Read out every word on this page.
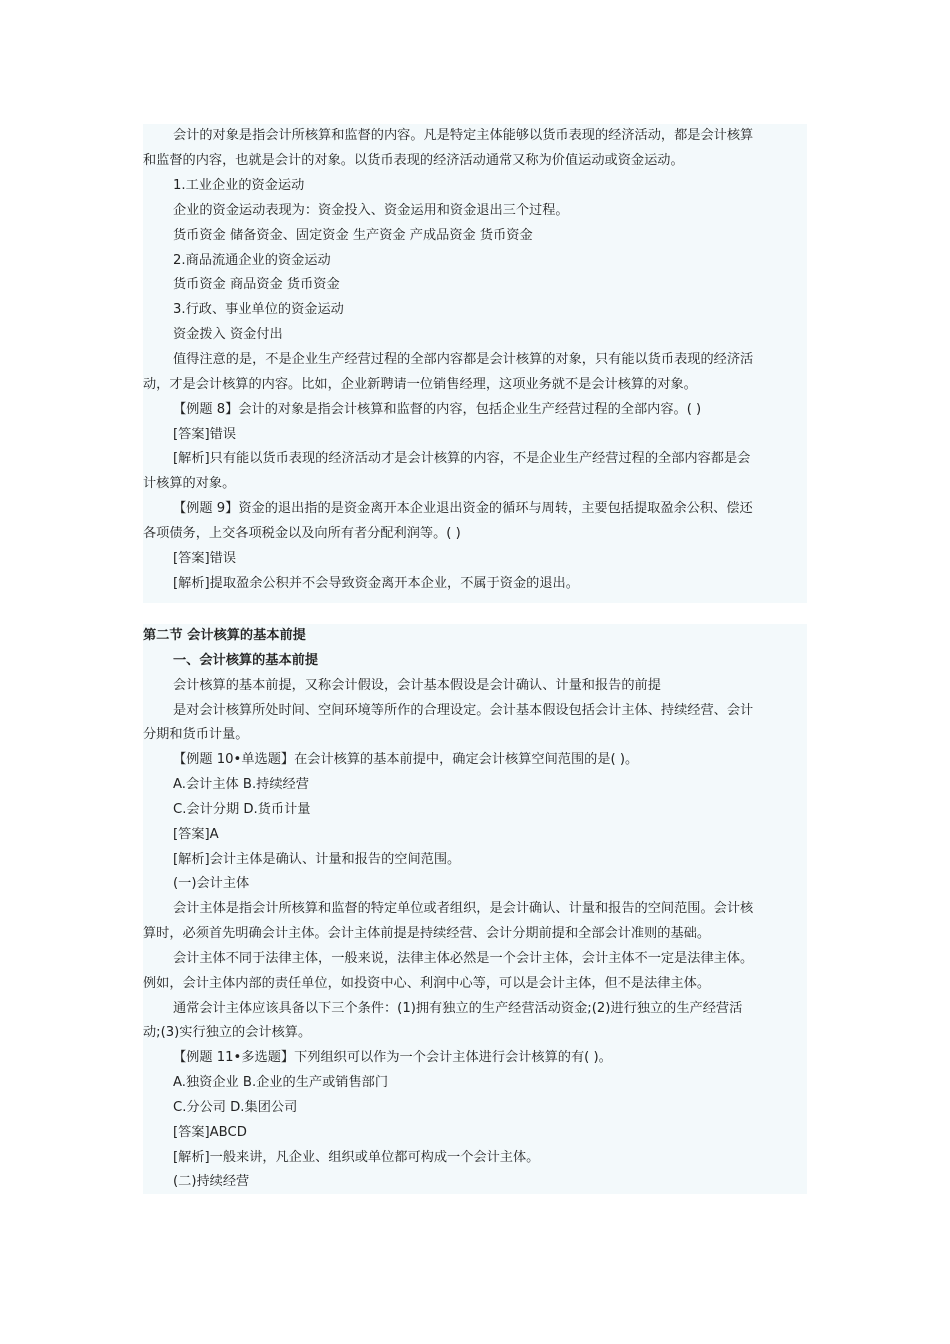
会计的对象是指会计所核算和监督的内容。凡是特定主体能够以货币表现的经济活动，都是会计核算
和监督的内容，也就是会计的对象。以货币表现的经济活动通常又称为价值运动或资金运动。
1.工业企业的资金运动
企业的资金运动表现为：资金投入、资金运用和资金退出三个过程。
货币资金 储备资金、固定资金 生产资金 产成品资金 货币资金
2.商品流通企业的资金运动
货币资金 商品资金 货币资金
3.行政、事业单位的资金运动
资金拨入 资金付出
值得注意的是，不是企业生产经营过程的全部内容都是会计核算的对象，只有能以货币表现的经济活
动，才是会计核算的内容。比如，企业新聘请一位销售经理，这项业务就不是会计核算的对象。
【例题 8】会计的对象是指会计核算和监督的内容，包括企业生产经营过程的全部内容。( )
[答案]错误
[解析]只有能以货币表现的经济活动才是会计核算的内容，不是企业生产经营过程的全部内容都是会
计核算的对象。
【例题 9】资金的退出指的是资金离开本企业退出资金的循环与周转，主要包括提取盈余公积、偿还
各项债务，上交各项税金以及向所有者分配利润等。( )
[答案]错误
[解析]提取盈余公积并不会导致资金离开本企业，不属于资金的退出。
第二节 会计核算的基本前提
一、会计核算的基本前提
会计核算的基本前提，又称会计假设，会计基本假设是会计确认、计量和报告的前提
是对会计核算所处时间、空间环境等所作的合理设定。会计基本假设包括会计主体、持续经营、会计
分期和货币计量。
【例题 10•单选题】在会计核算的基本前提中，确定会计核算空间范围的是( )。
A.会计主体 B.持续经营
C.会计分期 D.货币计量
[答案]A
[解析]会计主体是确认、计量和报告的空间范围。
(一)会计主体
会计主体是指会计所核算和监督的特定单位或者组织，是会计确认、计量和报告的空间范围。会计核
算时，必须首先明确会计主体。会计主体前提是持续经营、会计分期前提和全部会计准则的基础。
会计主体不同于法律主体，一般来说，法律主体必然是一个会计主体，会计主体不一定是法律主体。
例如，会计主体内部的责任单位，如投资中心、利润中心等，可以是会计主体，但不是法律主体。
通常会计主体应该具备以下三个条件：(1)拥有独立的生产经营活动资金;(2)进行独立的生产经营活
动;(3)实行独立的会计核算。
【例题 11•多选题】下列组织可以作为一个会计主体进行会计核算的有( )。
A.独资企业 B.企业的生产或销售部门
C.分公司 D.集团公司
[答案]ABCD
[解析]一般来讲，凡企业、组织或单位都可构成一个会计主体。
(二)持续经营
